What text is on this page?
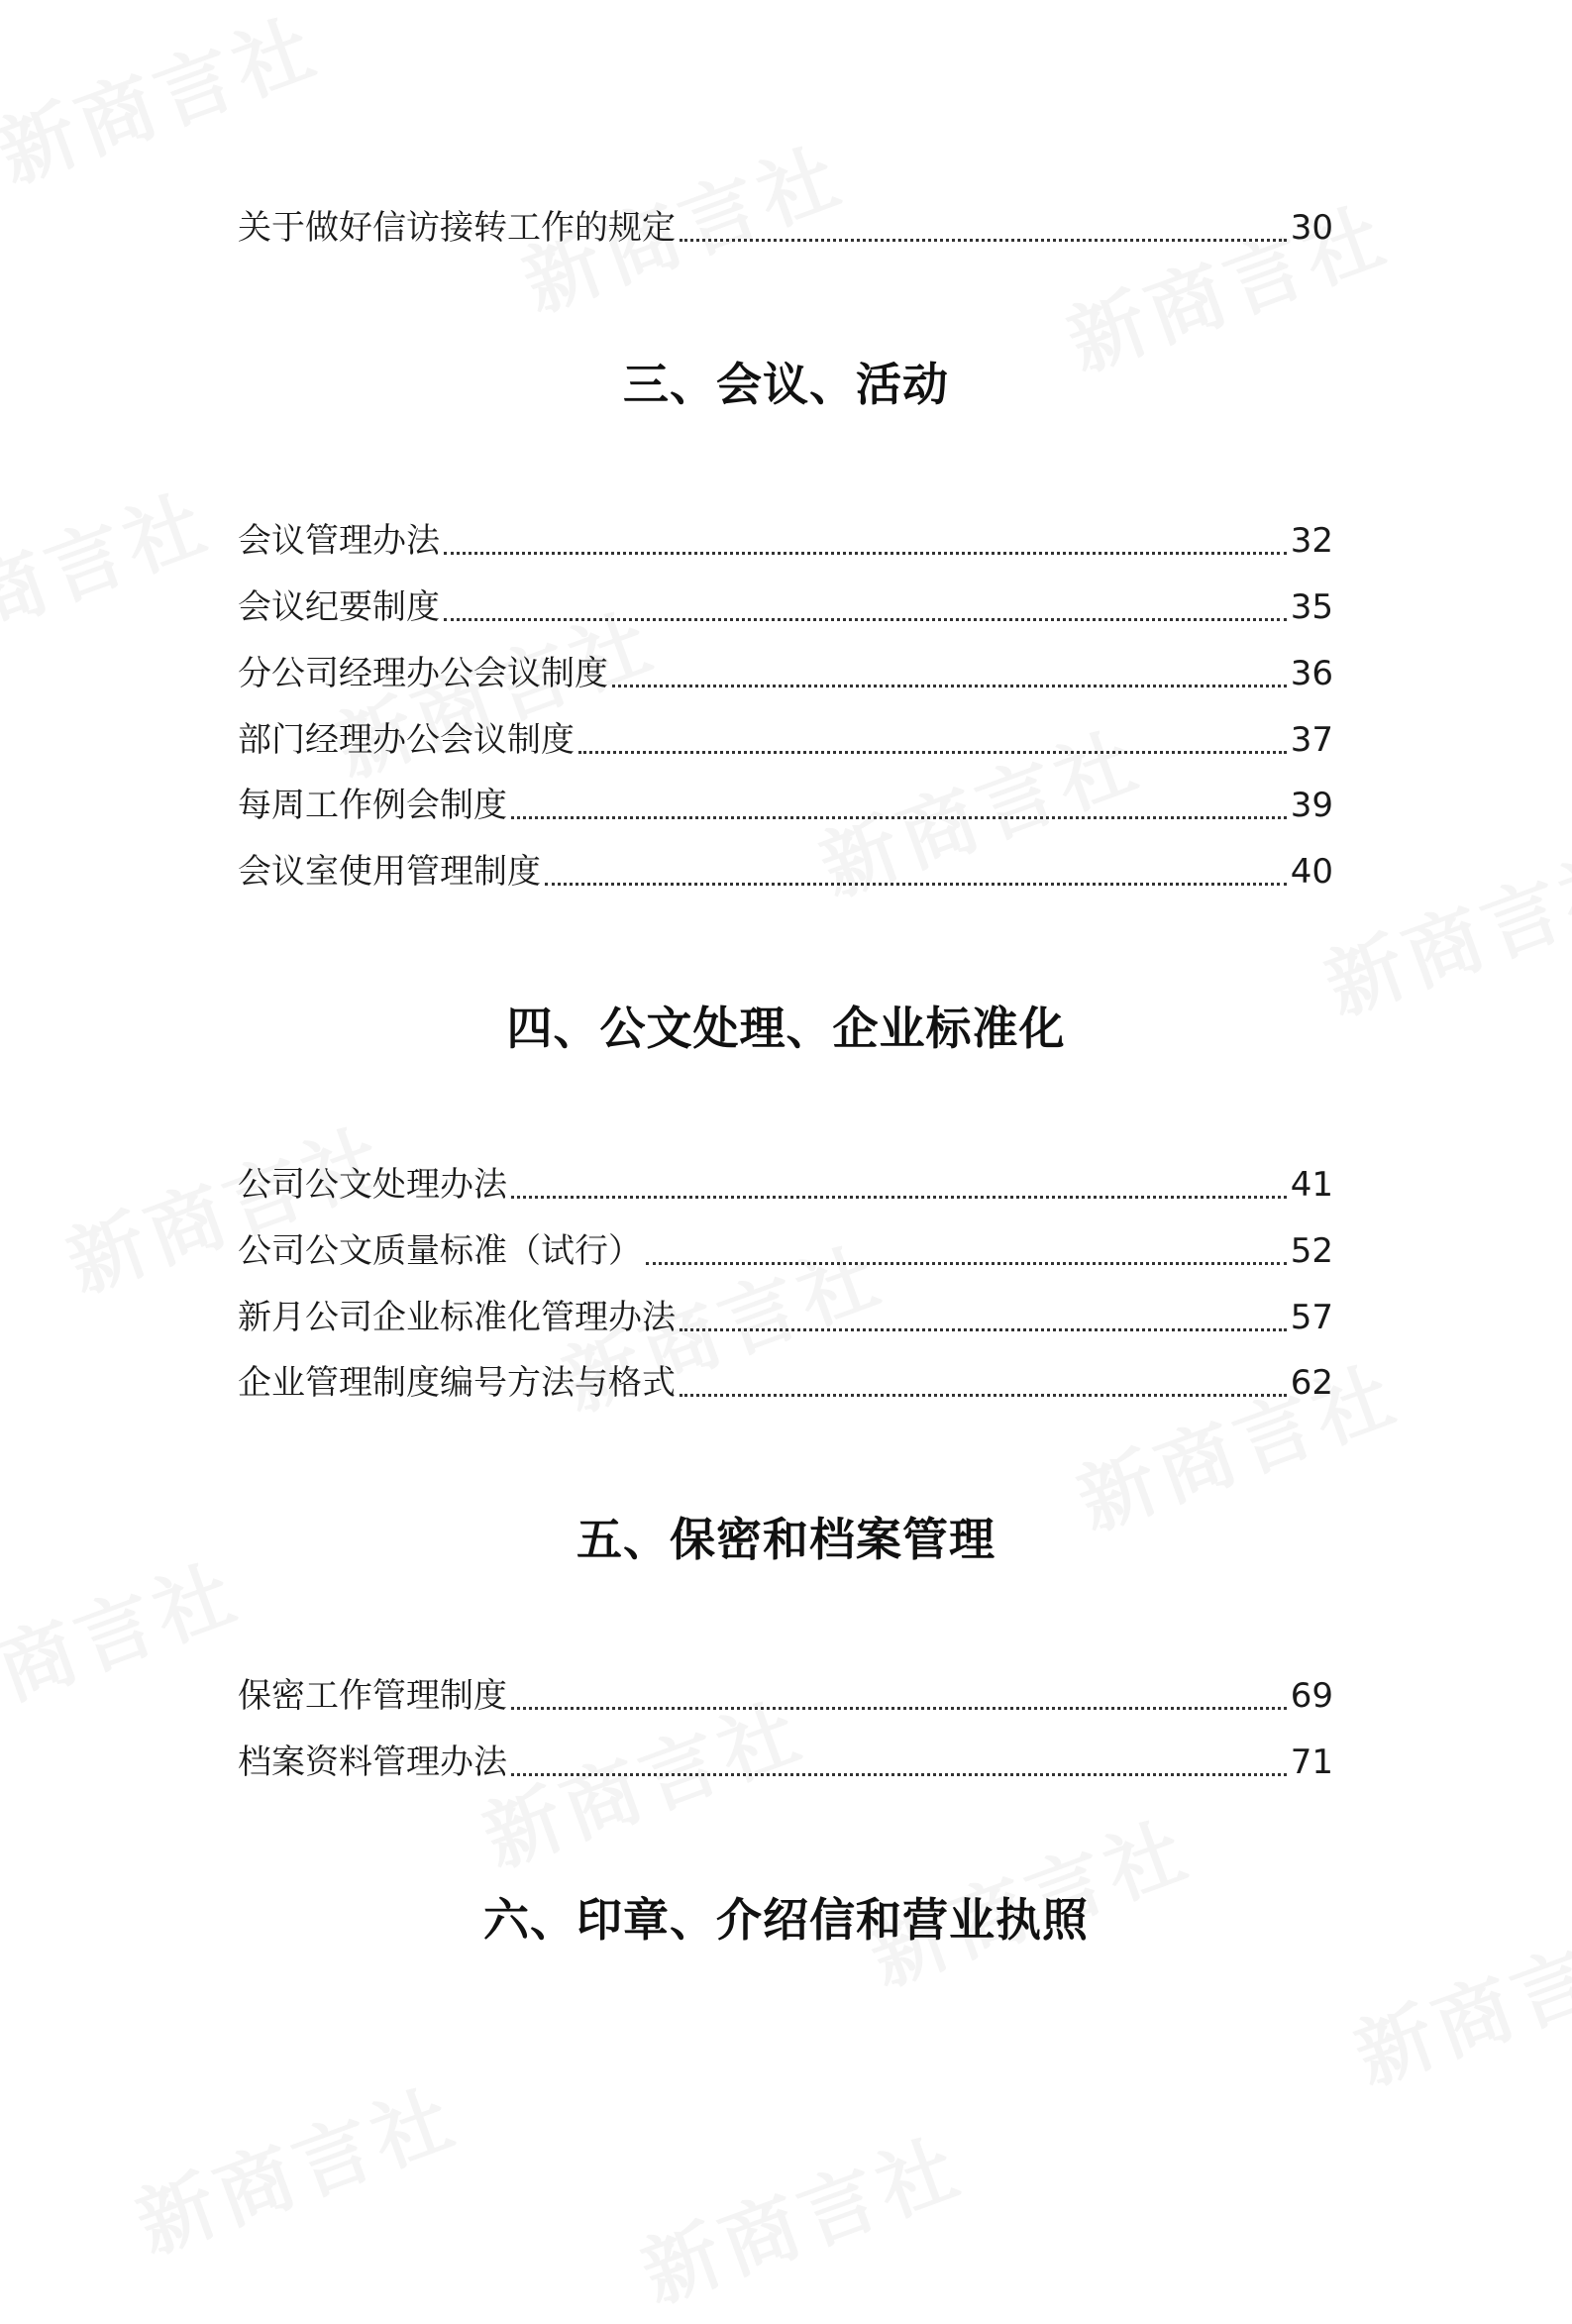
关于做好信访接转工作的规定	30
三、会议、活动
会议管理办法	32
会议纪要制度	35
分公司经理办公会议制度	36
部门经理办公会议制度	37
每周工作例会制度	39
会议室使用管理制度	40
四、公文处理、企业标准化
公司公文处理办法	41
公司公文质量标准（试行）	52
新月公司企业标准化管理办法	57
企业管理制度编号方法与格式	62
五、保密和档案管理
保密工作管理制度	69
档案资料管理办法	71
六、印章、介绍信和营业执照
